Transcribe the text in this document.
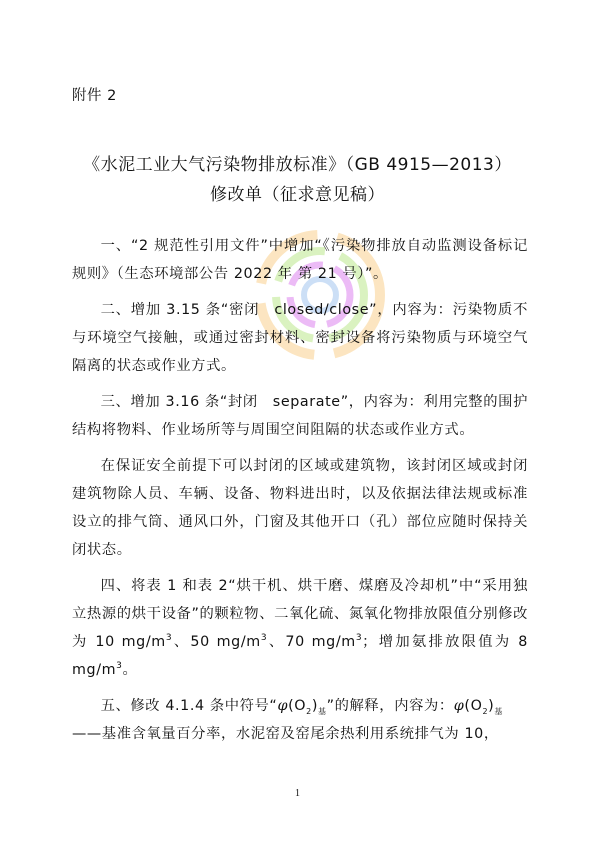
附件 2
《水泥工业大气污染物排放标准》（GB 4915—2013）
修改单（征求意见稿）

一、“2 规范性引用文件”中增加“《污染物排放自动监测设备标记规则》（生态环境部公告 2022 年 第 21 号）”。

二、增加 3.15 条“密闭　closed/close”，内容为：污染物质不与环境空气接触，或通过密封材料、密封设备将污染物质与环境空气隔离的状态或作业方式。

三、增加 3.16 条“封闭　separate”，内容为：利用完整的围护结构将物料、作业场所等与周围空间阻隔的状态或作业方式。

在保证安全前提下可以封闭的区域或建筑物，该封闭区域或封闭建筑物除人员、车辆、设备、物料进出时，以及依据法律法规或标准设立的排气筒、通风口外，门窗及其他开口（孔）部位应随时保持关闭状态。

四、将表 1 和表 2“烘干机、烘干磨、煤磨及冷却机”中“采用独立热源的烘干设备”的颗粒物、二氧化硫、氮氧化物排放限值分别修改为 10 $mg/m^3$、50 $mg/m^3$、70 $mg/m^3$；增加氨排放限值为 8 $mg/m^3$。

五、修改 4.1.4 条中符号“$\varphi(O_2)_基$”的解释，内容为：$\varphi(O_2)_基$

——基准含氧量百分率，水泥窑及窑尾余热利用系统排气为 10，

1
